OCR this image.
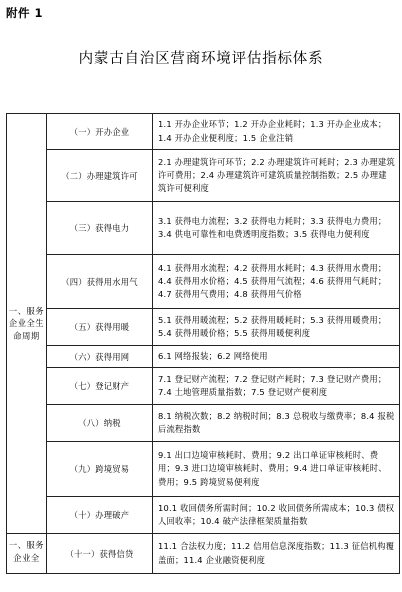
附件 1
内蒙古自治区营商环境评估指标体系
一、服务企业全生命周期	（一）开办企业	1.1 开办企业环节；1.2 开办企业耗时；1.3 开办企业成本；1.4 开办企业便利度；1.5 企业注销
	（二）办理建筑许可	2.1 办理建筑许可环节；2.2 办理建筑许可耗时；2.3 办理建筑许可费用；2.4 办理建筑许可建筑质量控制指数；2.5 办理建筑许可便利度
	（三）获得电力	3.1 获得电力流程；3.2 获得电力耗时；3.3 获得电力费用；3.4 供电可靠性和电费透明度指数；3.5 获得电力便利度
	（四）获得用水用气	4.1 获得用水流程；4.2 获得用水耗时；4.3 获得用水费用；4.4 获得用水价格；4.5 获得用气流程；4.6 获得用气耗时；4.7 获得用气费用；4.8 获得用气价格
	（五）获得用暖	5.1 获得用暖流程；5.2 获得用暖耗时；5.3 获得用暖费用；5.4 获得用暖价格；5.5 获得用暖便利度
	（六）获得用网	6.1 网络报装；6.2 网络使用
	（七）登记财产	7.1 登记财产流程；7.2 登记财产耗时；7.3 登记财产费用；7.4 土地管理质量指数；7.5 登记财产便利度
	（八）纳税	8.1 纳税次数；8.2 纳税时间；8.3 总税收与缴费率；8.4 报税后流程指数
	（九）跨境贸易	9.1 出口边境审核耗时、费用；9.2 出口单证审核耗时、费用；9.3 进口边境审核耗时、费用；9.4 进口单证审核耗时、费用；9.5 跨境贸易便利度
	（十）办理破产	10.1 收回债务所需时间；10.2 收回债务所需成本；10.3 债权人回收率；10.4 破产法律框架质量指数
一、服务企业全	（十一）获得信贷	11.1 合法权力度；11.2 信用信息深度指数；11.3 征信机构覆盖面；11.4 企业融资便利度
